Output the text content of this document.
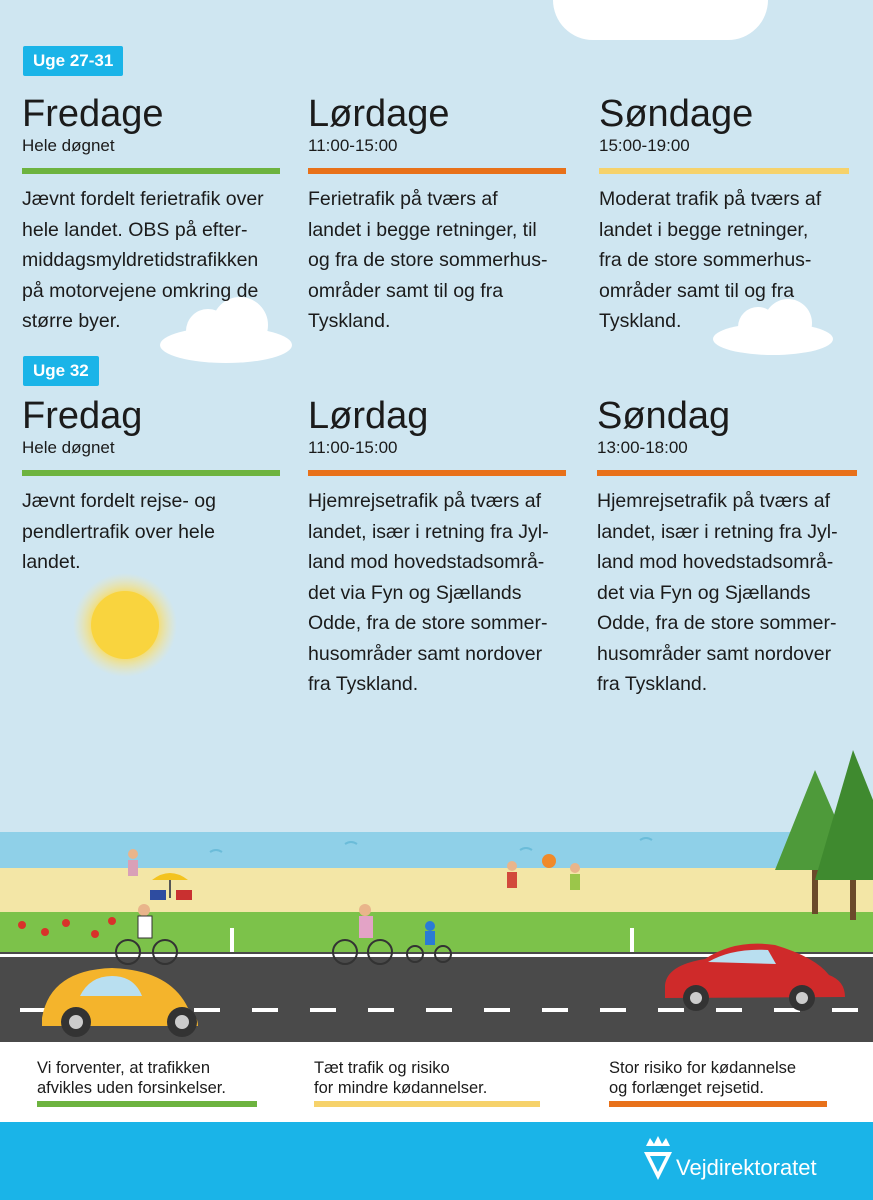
Uge 27-31
Fredage
Hele døgnet
Jævnt fordelt ferietrafik over
hele landet. OBS på efter-
middagsmyldretidstrafikken
på motorvejene omkring de
større byer.
Lørdage
11:00-15:00
Ferietrafik på tværs af
landet i begge retninger, til
og fra de store sommerhus-
områder samt til og fra
Tyskland.
Søndage
15:00-19:00
Moderat trafik på tværs af
landet i begge retninger,
fra de store sommerhus-
områder samt til og fra
Tyskland.
Uge 32
Fredag
Hele døgnet
Jævnt fordelt rejse- og
pendlertrafik over hele
landet.
Lørdag
11:00-15:00
Hjemrejsetrafik på tværs af
landet, især i retning fra Jyl-
land mod hovedstadsområ-
det via Fyn og Sjællands
Odde, fra de store sommer-
husområder samt nordover
fra Tyskland.
Søndag
13:00-18:00
Hjemrejsetrafik på tværs af
landet, især i retning fra Jyl-
land mod hovedstadsområ-
det via Fyn og Sjællands
Odde, fra de store sommer-
husområder samt nordover
fra Tyskland.
Vi forventer, at trafikken
afvikles uden forsinkelser.
Tæt trafik og risiko
for mindre kødannelser.
Stor risiko for kødannelse
og forlænget rejsetid.
Vejdirektoratet
